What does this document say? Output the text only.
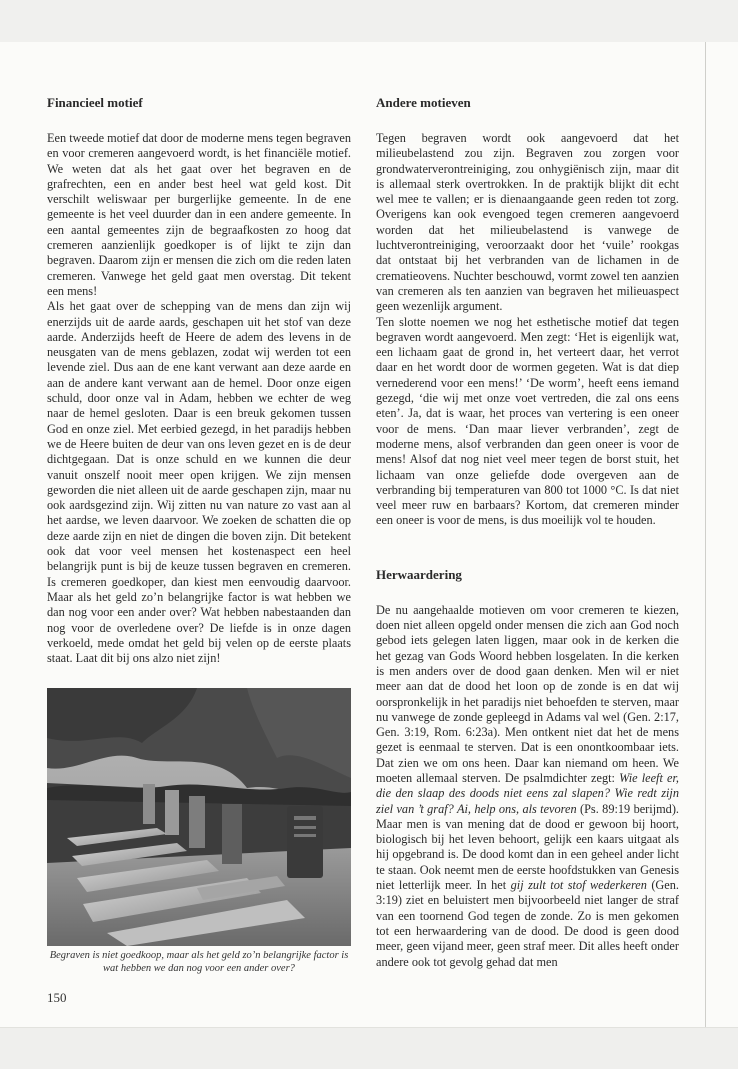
Financieel motief

Een tweede motief dat door de moderne mens tegen begraven en voor cremeren aangevoerd wordt, is het financiële motief. We weten dat als het gaat over het begraven en de grafrechten, een en ander best heel wat geld kost. Dit verschilt weliswaar per burgerlijke gemeente. In de ene gemeente is het veel duurder dan in een andere gemeente. In een aantal gemeentes zijn de begraafkosten zo hoog dat cremeren aanzienlijk goedkoper is of lijkt te zijn dan begraven. Daarom zijn er mensen die zich om die reden laten cremeren. Vanwege het geld gaat men overstag. Dit tekent een mens!

Als het gaat over de schepping van de mens dan zijn wij enerzijds uit de aarde aards, geschapen uit het stof van deze aarde. Anderzijds heeft de Heere de adem des levens in de neusgaten van de mens geblazen, zodat wij werden tot een levende ziel. Dus aan de ene kant verwant aan deze aarde en aan de andere kant verwant aan de hemel. Door onze eigen schuld, door onze val in Adam, hebben we echter de weg naar de hemel gesloten. Daar is een breuk gekomen tussen God en onze ziel. Met eerbied gezegd, in het paradijs hebben we de Heere buiten de deur van ons leven gezet en is de deur dichtgegaan. Dat is onze schuld en we kunnen die deur vanuit onszelf nooit meer open krijgen. We zijn mensen geworden die niet alleen uit de aarde geschapen zijn, maar nu ook aardsgezind zijn. Wij zitten nu van nature zo vast aan al het aardse, we leven daarvoor. We zoeken de schatten die op deze aarde zijn en niet de dingen die boven zijn. Dit betekent ook dat voor veel mensen het kostenaspect een heel belangrijk punt is bij de keuze tussen begraven en cremeren. Is cremeren goedkoper, dan kiest men eenvoudig daarvoor. Maar als het geld zo’n belangrijke factor is wat hebben we dan nog voor een ander over? Wat hebben nabestaanden dan nog voor de overledene over? De liefde is in onze dagen verkoeld, mede omdat het geld bij velen op de eerste plaats staat. Laat dit bij ons alzo niet zijn!

Begraven is niet goedkoop, maar als het geld zo’n belangrijke factor is wat hebben we dan nog voor een ander over?
Andere motieven

Tegen begraven wordt ook aangevoerd dat het milieubelastend zou zijn. Begraven zou zorgen voor grondwaterverontreiniging, zou onhygiënisch zijn, maar dit is allemaal sterk overtrokken. In de praktijk blijkt dit echt wel mee te vallen; er is dienaangaande geen reden tot zorg. Overigens kan ook evengoed tegen cremeren aangevoerd worden dat het milieubelastend is vanwege de luchtverontreiniging, veroorzaakt door het ‘vuile’ rookgas dat ontstaat bij het verbranden van de lichamen in de crematieovens. Nuchter beschouwd, vormt zowel ten aanzien van cremeren als ten aanzien van begraven het milieuaspect geen wezenlijk argument.

Ten slotte noemen we nog het esthetische motief dat tegen begraven wordt aangevoerd. Men zegt: ‘Het is eigenlijk wat, een lichaam gaat de grond in, het verteert daar, het verrot daar en het wordt door de wormen gegeten. Wat is dat diep vernederend voor een mens!’ ‘De worm’, heeft eens iemand gezegd, ‘die wij met onze voet vertreden, die zal ons eens eten’. Ja, dat is waar, het proces van vertering is een oneer voor de mens. ‘Dan maar liever verbranden’, zegt de moderne mens, alsof verbranden dan geen oneer is voor de mens! Alsof dat nog niet veel meer tegen de borst stuit, het lichaam van onze geliefde dode overgeven aan de verbranding bij temperaturen van 800 tot 1000 °C. Is dat niet veel meer ruw en barbaars? Kortom, dat cremeren minder een oneer is voor de mens, is dus moeilijk vol te houden.

Herwaardering

De nu aangehaalde motieven om voor cremeren te kiezen, doen niet alleen opgeld onder mensen die zich aan God noch gebod iets gelegen laten liggen, maar ook in de kerken die het gezag van Gods Woord hebben losgelaten. In die kerken is men anders over de dood gaan denken. Men wil er niet meer aan dat de dood het loon op de zonde is en dat wij oorspronkelijk in het paradijs niet behoefden te sterven, maar nu vanwege de zonde gepleegd in Adams val wel (Gen. 2:17, Gen. 3:19, Rom. 6:23a). Men ontkent niet dat het de mens gezet is eenmaal te sterven. Dat is een onontkoombaar iets. Dat zien we om ons heen. Daar kan niemand om heen. We moeten allemaal sterven. De psalmdichter zegt: Wie leeft er, die den slaap des doods niet eens zal slapen? Wie redt zijn ziel van ’t graf? Ai, help ons, als tevoren (Ps. 89:19 berijmd). Maar men is van mening dat de dood er gewoon bij hoort, biologisch bij het leven behoort, gelijk een kaars uitgaat als hij opgebrand is. De dood komt dan in een geheel ander licht te staan. Ook neemt men de eerste hoofdstukken van Genesis niet letterlijk meer. In het gij zult tot stof wederkeren (Gen. 3:19) ziet en beluistert men bijvoorbeeld niet langer de straf van een toornend God tegen de zonde. Zo is men gekomen tot een herwaardering van de dood. De dood is geen dood meer, geen vijand meer, geen straf meer. Dit alles heeft onder andere ook tot gevolg gehad dat men

150
